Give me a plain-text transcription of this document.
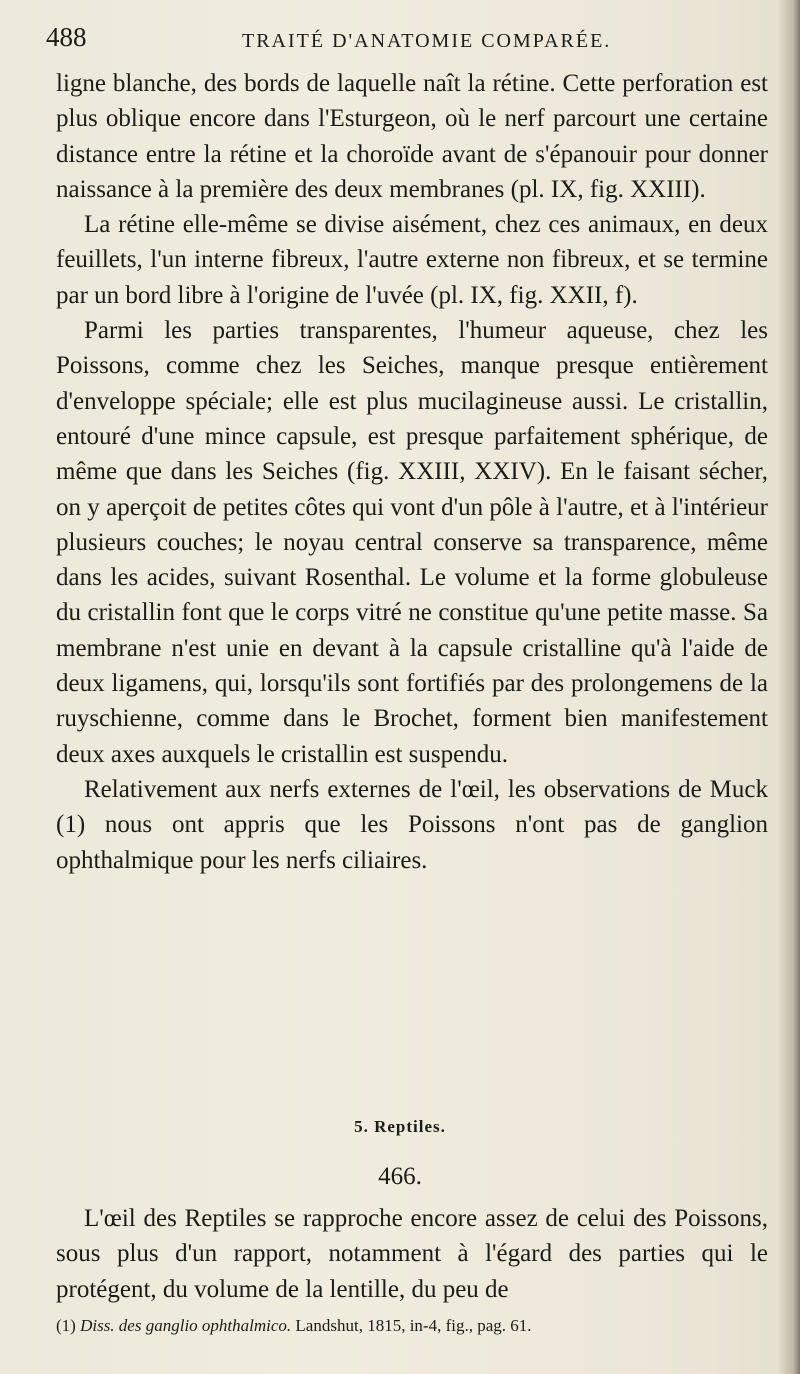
488	TRAITÉ D'ANATOMIE COMPARÉE.

ligne blanche, des bords de laquelle naît la rétine. Cette perforation est plus oblique encore dans l'Esturgeon, où le nerf parcourt une certaine distance entre la rétine et la choroïde avant de s'épanouir pour donner naissance à la première des deux membranes (pl. IX, fig. XXIII).

La rétine elle-même se divise aisément, chez ces animaux, en deux feuillets, l'un interne fibreux, l'autre externe non fibreux, et se termine par un bord libre à l'origine de l'uvée (pl. IX, fig. XXII, f).

Parmi les parties transparentes, l'humeur aqueuse, chez les Poissons, comme chez les Seiches, manque presque entièrement d'enveloppe spéciale; elle est plus mucilagineuse aussi. Le cristallin, entouré d'une mince capsule, est presque parfaitement sphérique, de même que dans les Seiches (fig. XXIII, XXIV). En le faisant sécher, on y aperçoit de petites côtes qui vont d'un pôle à l'autre, et à l'intérieur plusieurs couches; le noyau central conserve sa transparence, même dans les acides, suivant Rosenthal. Le volume et la forme globuleuse du cristallin font que le corps vitré ne constitue qu'une petite masse. Sa membrane n'est unie en devant à la capsule cristalline qu'à l'aide de deux ligamens, qui, lorsqu'ils sont fortifiés par des prolongemens de la ruyschienne, comme dans le Brochet, forment bien manifestement deux axes auxquels le cristallin est suspendu.

Relativement aux nerfs externes de l'œil, les observations de Muck (1) nous ont appris que les Poissons n'ont pas de ganglion ophthalmique pour les nerfs ciliaires.

5. Reptiles.
466.

L'œil des Reptiles se rapproche encore assez de celui des Poissons, sous plus d'un rapport, notamment à l'égard des parties qui le protégent, du volume de la lentille, du peu de

(1) Diss. des ganglio ophthalmico. Landshut, 1815, in-4, fig., pag. 61.
